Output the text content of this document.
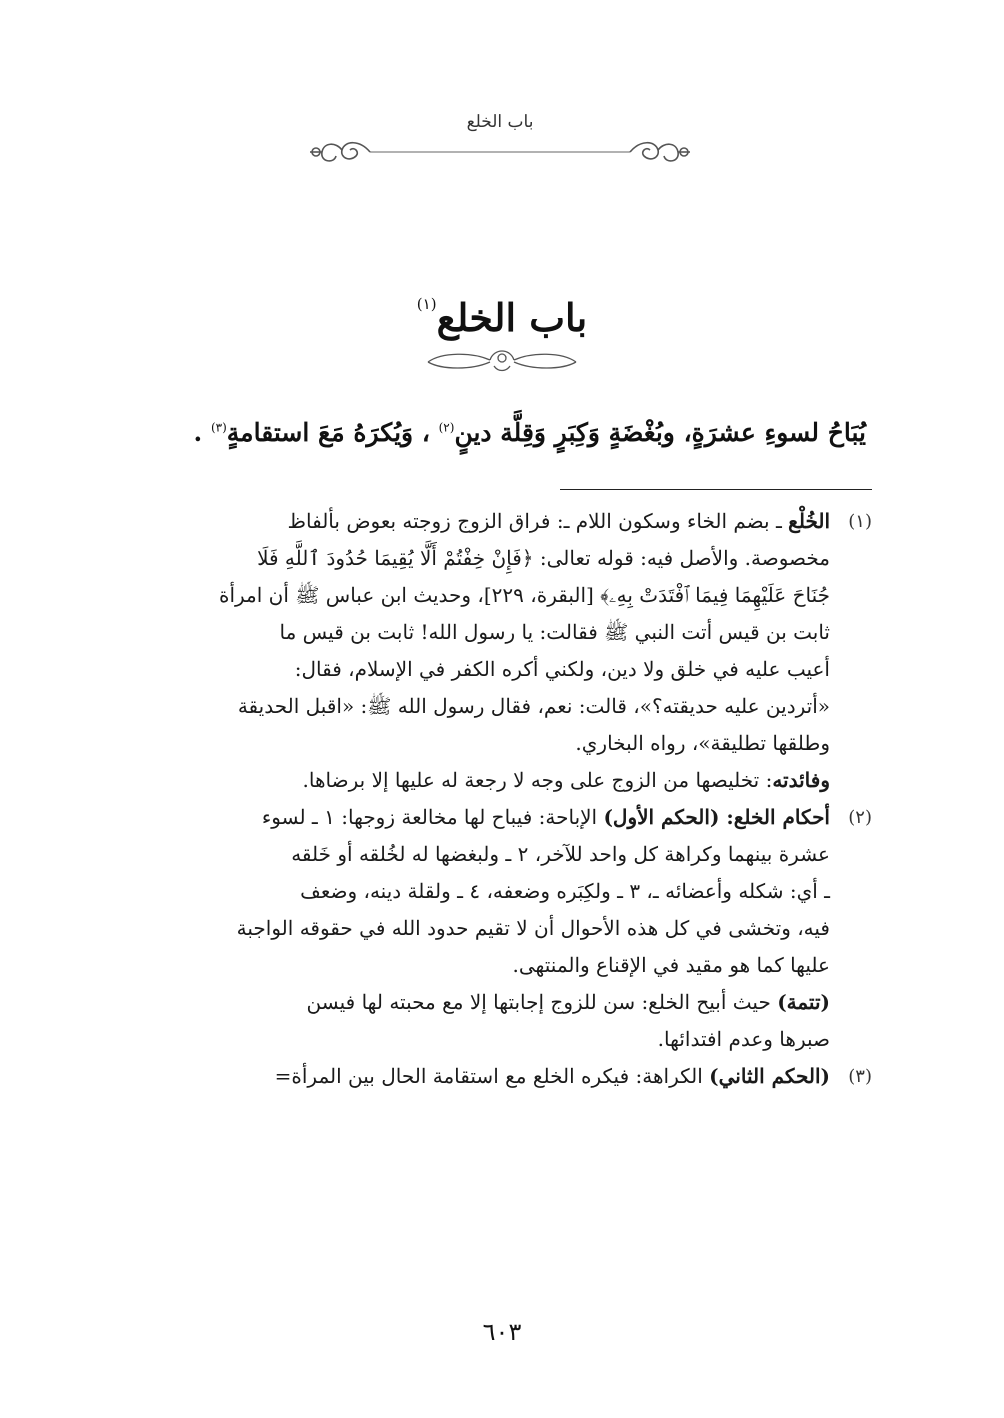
باب الخلع
باب الخلع$^{(١)}$
يُبَاحُ لسوءِ عشرَةٍ، وبُغْضَةٍ وَكِبَرٍ وَقِلَّة دينٍ$^{(٢)}$ ، وَيُكرَهُ مَعَ استقامةٍ$^{(٣)}$ .
(١)
الخُلْع ـ بضم الخاء وسكون اللام ـ: فراق الزوج زوجته بعوض بألفاظ
مخصوصة. والأصل فيه: قوله تعالى: ﴿فَإِنْ خِفْتُمْ أَلَّا يُقِيمَا حُدُودَ ٱللَّهِ فَلَا
جُنَاحَ عَلَيْهِمَا فِيمَا ٱفْتَدَتْ بِهِۦ﴾ [البقرة، ٢٢٩]، وحديث ابن عباس ﷺ أن امرأة
ثابت بن قيس أتت النبي ﷺ فقالت: يا رسول الله! ثابت بن قيس ما
أعيب عليه في خلق ولا دين، ولكني أكره الكفر في الإسلام، فقال:
«أتردين عليه حديقته؟»، قالت: نعم، فقال رسول الله ﷺ: «اقبل الحديقة
وطلقها تطليقة»، رواه البخاري.
وفائدته: تخليصها من الزوج على وجه لا رجعة له عليها إلا برضاها.
(٢)
أحكام الخلع: (الحكم الأول) الإباحة: فيباح لها مخالعة زوجها: ١ ـ لسوء
عشرة بينهما وكراهة كل واحد للآخر، ٢ ـ ولبغضها له لخُلقه أو خَلقه
ـ أي: شكله وأعضائه ـ، ٣ ـ ولكِبَره وضعفه، ٤ ـ ولقلة دينه، وضعف
فيه، وتخشى في كل هذه الأحوال أن لا تقيم حدود الله في حقوقه الواجبة
عليها كما هو مقيد في الإقناع والمنتهى.
(تتمة) حيث أبيح الخلع: سن للزوج إجابتها إلا مع محبته لها فيسن
صبرها وعدم افتدائها.
(٣)
(الحكم الثاني) الكراهة: فيكره الخلع مع استقامة الحال بين المرأة=
٦٠٣
